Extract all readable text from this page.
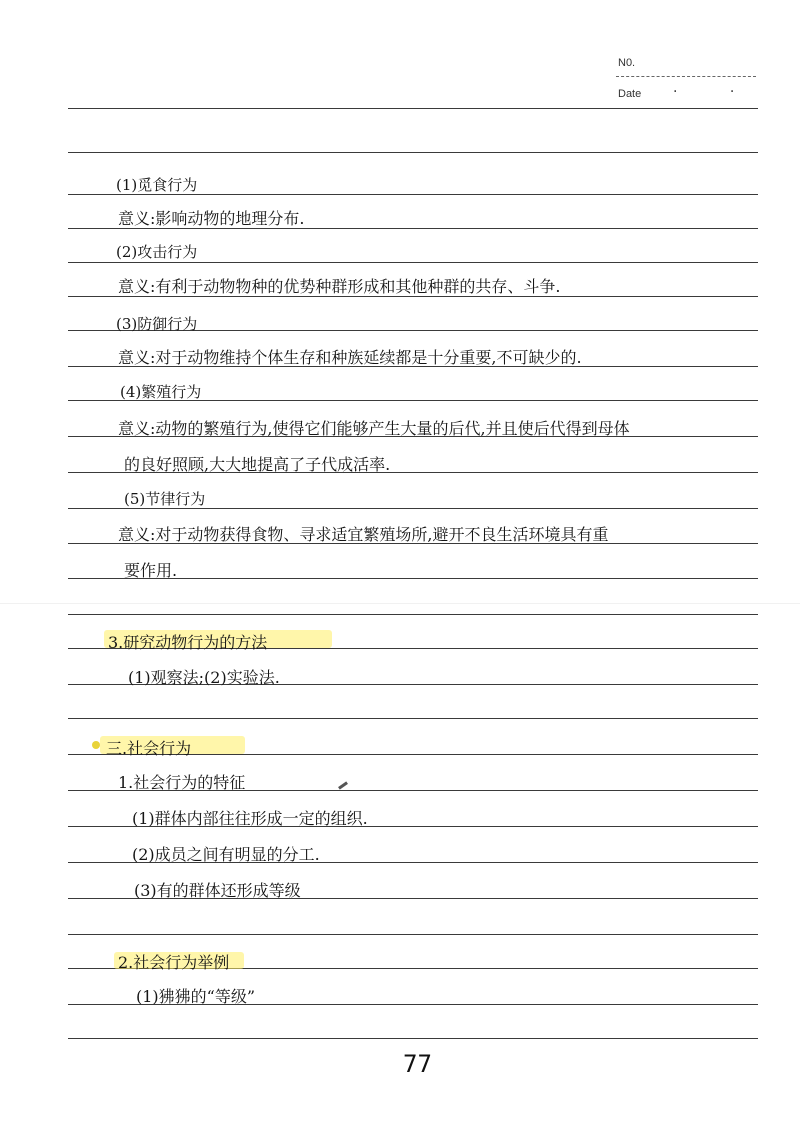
N0.
Date · ·
(1)觅食行为
意义:影响动物的地理分布.
(2)攻击行为
意义:有利于动物物种的优势种群形成和其他种群的共存、斗争.
(3)防御行为
意义:对于动物维持个体生存和种族延续都是十分重要,不可缺少的.
(4)繁殖行为
意义:动物的繁殖行为,使得它们能够产生大量的后代,并且使后代得到母体
的良好照顾,大大地提高了子代成活率.
(5)节律行为
意义:对于动物获得食物、寻求适宜繁殖场所,避开不良生活环境具有重
要作用.
3.研究动物行为的方法
(1)观察法;(2)实验法.
三.社会行为
1.社会行为的特征
(1)群体内部往往形成一定的组织.
(2)成员之间有明显的分工.
(3)有的群体还形成等级
2.社会行为举例
(1)狒狒的“等级”
77
